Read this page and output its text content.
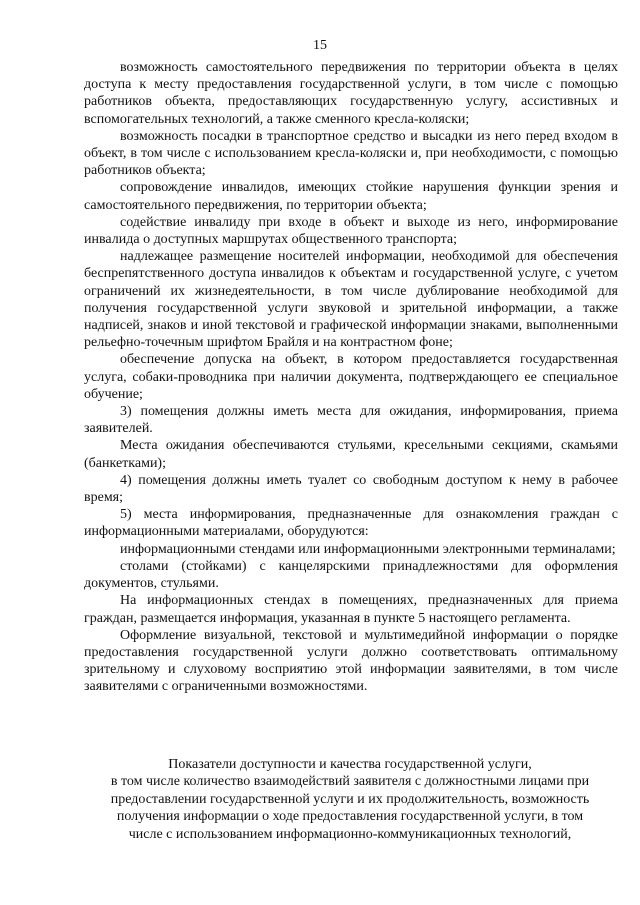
15

возможность самостоятельного передвижения по территории объекта в целях доступа к месту предоставления государственной услуги, в том числе с помощью работников объекта, предоставляющих государственную услугу, ассистивных и вспомогательных технологий, а также сменного кресла-коляски;

возможность посадки в транспортное средство и высадки из него перед входом в объект, в том числе с использованием кресла-коляски и, при необходимости, с помощью работников объекта;

сопровождение инвалидов, имеющих стойкие нарушения функции зрения и самостоятельного передвижения, по территории объекта;

содействие инвалиду при входе в объект и выходе из него, информирование инвалида о доступных маршрутах общественного транспорта;

надлежащее размещение носителей информации, необходимой для обеспечения беспрепятственного доступа инвалидов к объектам и государственной услуге, с учетом ограничений их жизнедеятельности, в том числе дублирование необходимой для получения государственной услуги звуковой и зрительной информации, а также надписей, знаков и иной текстовой и графической информации знаками, выполненными рельефно-точечным шрифтом Брайля и на контрастном фоне;

обеспечение допуска на объект, в котором предоставляется государственная услуга, собаки-проводника при наличии документа, подтверждающего ее специальное обучение;

3) помещения должны иметь места для ожидания, информирования, приема заявителей.

Места ожидания обеспечиваются стульями, кресельными секциями, скамьями (банкетками);

4) помещения должны иметь туалет со свободным доступом к нему в рабочее время;

5) места информирования, предназначенные для ознакомления граждан с информационными материалами, оборудуются:

информационными стендами или информационными электронными терминалами;

столами (стойками) с канцелярскими принадлежностями для оформления документов, стульями.

На информационных стендах в помещениях, предназначенных для приема граждан, размещается информация, указанная в пункте 5 настоящего регламента.

Оформление визуальной, текстовой и мультимедийной информации о порядке предоставления государственной услуги должно соответствовать оптимальному зрительному и слуховому восприятию этой информации заявителями, в том числе заявителями с ограниченными возможностями.

Показатели доступности и качества государственной услуги,

в том числе количество взаимодействий заявителя с должностными лицами при

предоставлении государственной услуги и их продолжительность, возможность

получения информации о ходе предоставления государственной услуги, в том

числе с использованием информационно-коммуникационных технологий,
